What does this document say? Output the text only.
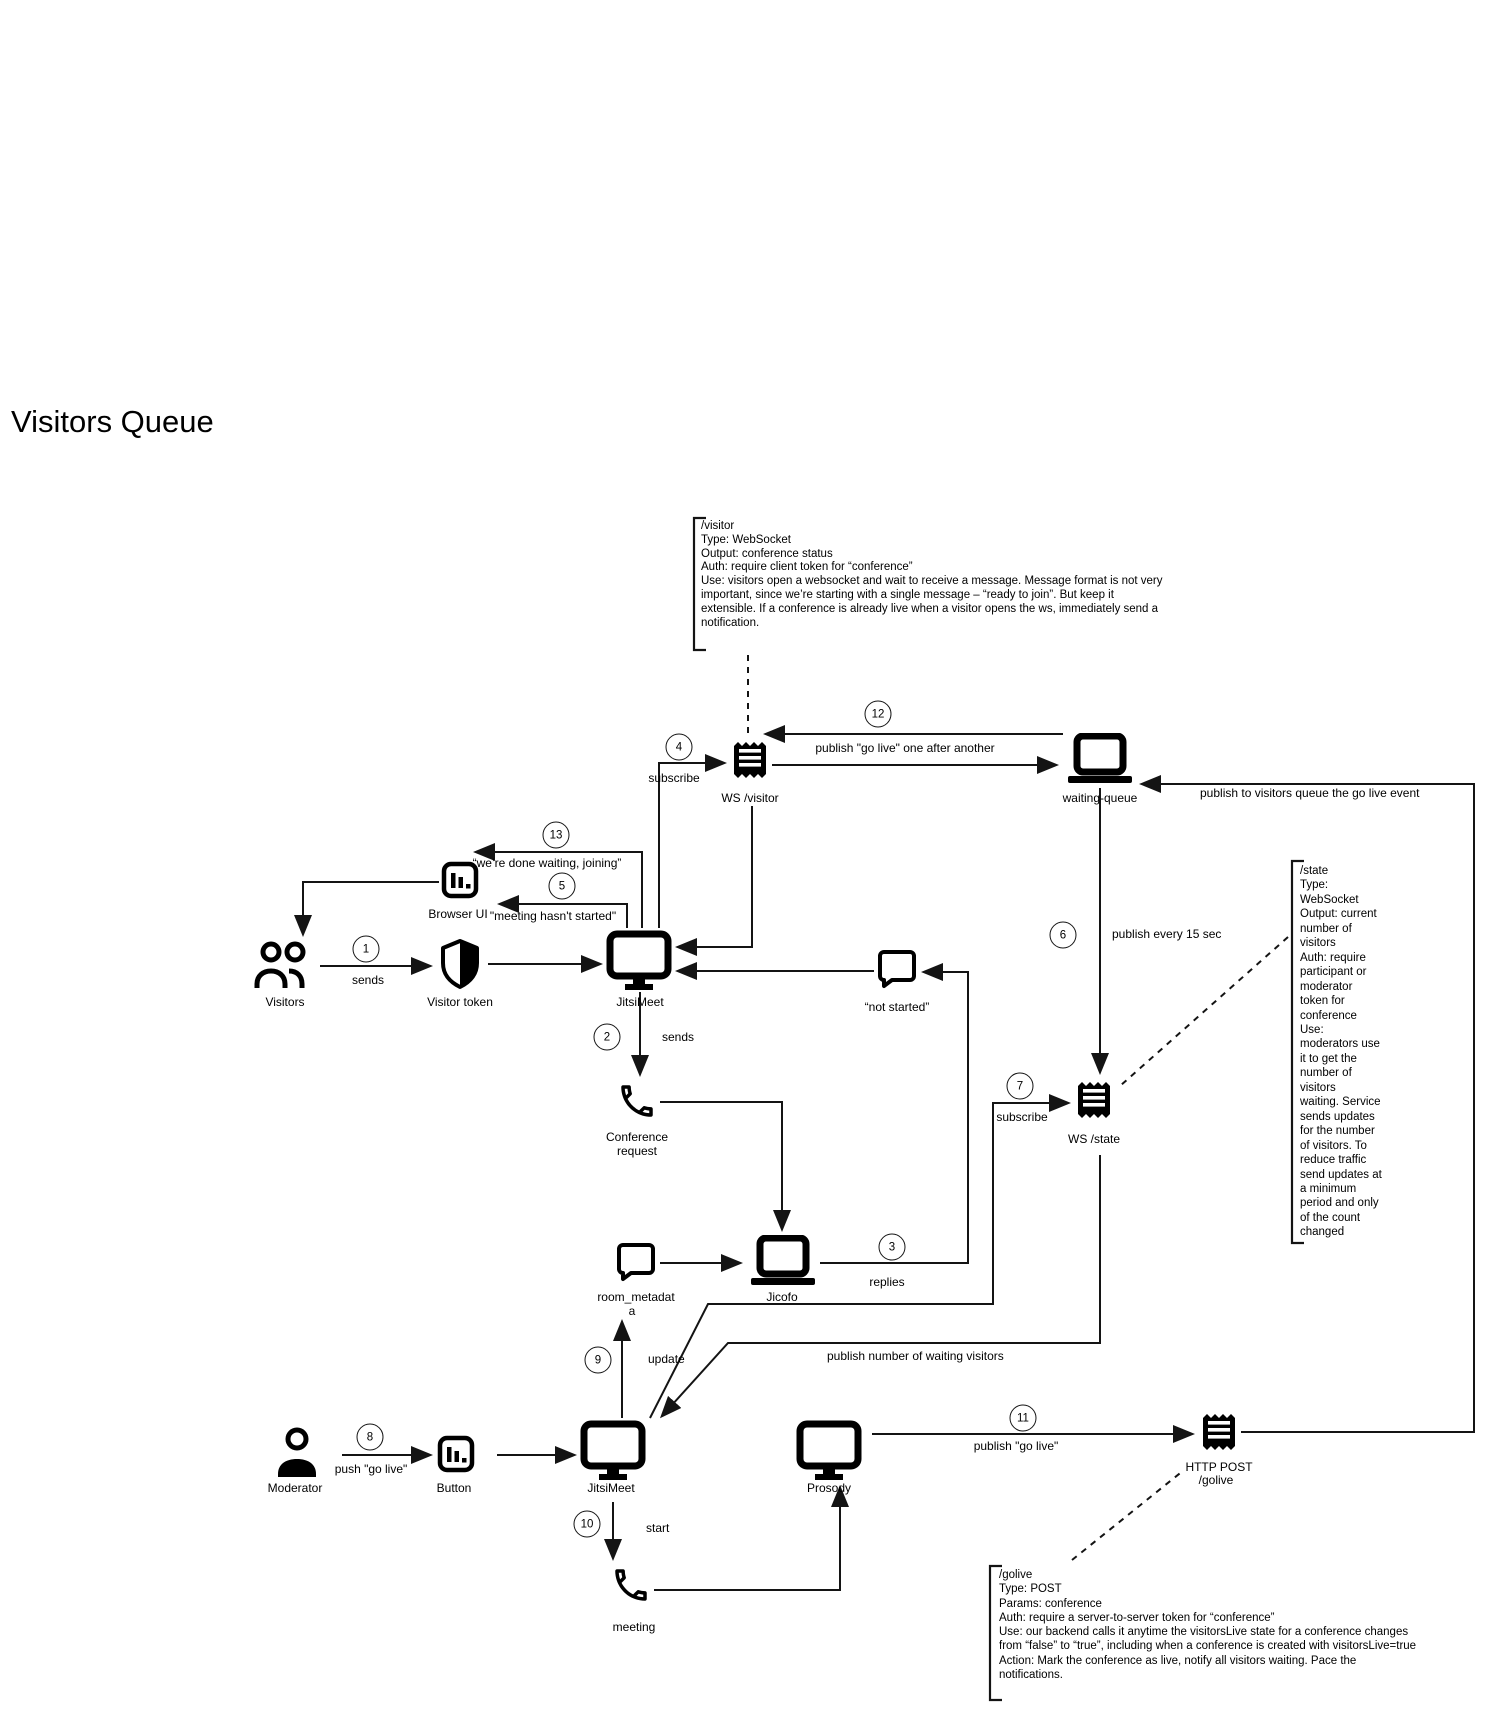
Visitors Queue
Visitors	Visitor token
Browser UI
JitsiMeet
WS /visitor	waiting-queue
“not started”
Conference
request
room_metadat
a
Jicofo
WS /state
Moderator	Button	JitsiMeet	Prosody
HTTP POST
/golive
meeting
sends
sends
replies
subscribe
"meeting hasn't started"
publish every 15 sec
subscribe
push "go live"
update
start
publish "go live"
publish "go live" one after another
“we’re done waiting, joining”
publish to visitors queue the go live event
publish number of waiting visitors
1
2
3
4
5
6
7
8
9
10
11
12
13
/visitor
Type: WebSocket
Output: conference status
Auth: require client token for “conference”
Use: visitors open a websocket and wait to receive a message. Message format is not very
important, since we’re starting with a single message – “ready to join”. But keep it
extensible. If a conference is already live when a visitor opens the ws, immediately send a
notification.
/state
Type:
WebSocket
Output: current
number of
visitors
Auth: require
participant or
moderator
token for
conference
Use:
moderators use
it to get the
number of
visitors
waiting. Service
sends updates
for the number
of visitors. To
reduce traffic
send updates at
a minimum
period and only
of the count
changed
/golive
Type: POST
Params: conference
Auth: require a server-to-server token for “conference”
Use: our backend calls it anytime the visitorsLive state for a conference changes
from “false” to “true”, including when a conference is created with visitorsLive=true
Action: Mark the conference as live, notify all visitors waiting. Pace the
notifications.
